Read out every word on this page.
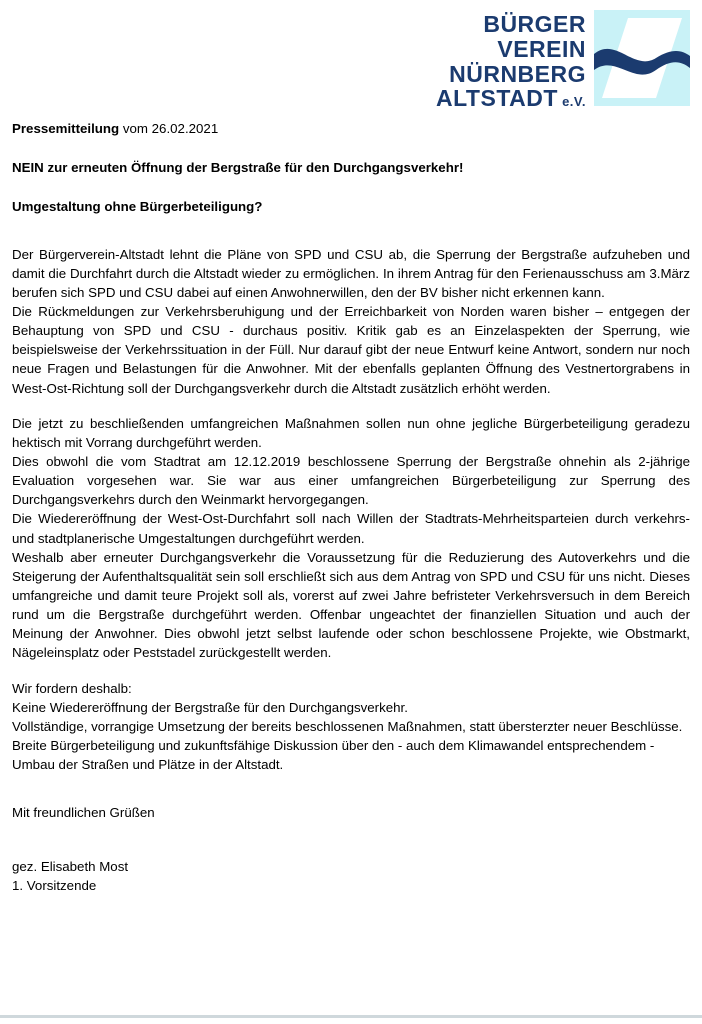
BÜRGER
VEREIN
NÜRNBERG
ALTSTADT e.V.

Pressemitteilung vom 26.02.2021

NEIN zur erneuten Öffnung der Bergstraße für den Durchgangsverkehr!

Umgestaltung ohne Bürgerbeteiligung?

Der Bürgerverein-Altstadt lehnt die Pläne von SPD und CSU ab, die Sperrung der Bergstraße aufzuheben und damit die Durchfahrt durch die Altstadt wieder zu ermöglichen. In ihrem Antrag für den Ferienausschuss am 3.März berufen sich SPD und CSU dabei auf einen Anwohnerwillen, den der BV bisher nicht erkennen kann.
Die Rückmeldungen zur Verkehrsberuhigung und der Erreichbarkeit von Norden waren bisher – entgegen der Behauptung von SPD und CSU - durchaus positiv. Kritik gab es an Einzelaspekten der Sperrung, wie beispielsweise der Verkehrssituation in der Füll. Nur darauf gibt der neue Entwurf keine Antwort, sondern nur noch neue Fragen und Belastungen für die Anwohner. Mit der ebenfalls geplanten Öffnung des Vestnertorgrabens in West-Ost-Richtung soll der Durchgangsverkehr durch die Altstadt zusätzlich erhöht werden.

Die jetzt zu beschließenden umfangreichen Maßnahmen sollen nun ohne jegliche Bürgerbeteiligung geradezu hektisch mit Vorrang durchgeführt werden.
Dies obwohl die vom Stadtrat am 12.12.2019 beschlossene Sperrung der Bergstraße ohnehin als 2-jährige Evaluation vorgesehen war. Sie war aus einer umfangreichen Bürgerbeteiligung zur Sperrung des Durchgangsverkehrs durch den Weinmarkt hervorgegangen.
Die Wiedereröffnung der West-Ost-Durchfahrt soll nach Willen der Stadtrats-Mehrheitsparteien durch verkehrs- und stadtplanerische Umgestaltungen durchgeführt werden.
Weshalb aber erneuter Durchgangsverkehr die Voraussetzung für die Reduzierung des Autoverkehrs und die Steigerung der Aufenthaltsqualität sein soll erschließt sich aus dem Antrag von SPD und CSU für uns nicht. Dieses umfangreiche und damit teure Projekt soll als, vorerst auf zwei Jahre befristeter Verkehrsversuch in dem Bereich rund um die Bergstraße durchgeführt werden. Offenbar ungeachtet der finanziellen Situation und auch der Meinung der Anwohner. Dies obwohl jetzt selbst laufende oder schon beschlossene Projekte, wie Obstmarkt, Nägeleinsplatz oder Peststadel zurückgestellt werden.

Wir fordern deshalb:
Keine Wiedereröffnung der Bergstraße für den Durchgangsverkehr.
Vollständige, vorrangige Umsetzung der bereits beschlossenen Maßnahmen, statt übersterzter neuer Beschlüsse.
Breite Bürgerbeteiligung und zukunftsfähige Diskussion über den - auch dem Klimawandel entsprechendem - Umbau der Straßen und Plätze in der Altstadt.

Mit freundlichen Grüßen

gez. Elisabeth Most

1. Vorsitzende
